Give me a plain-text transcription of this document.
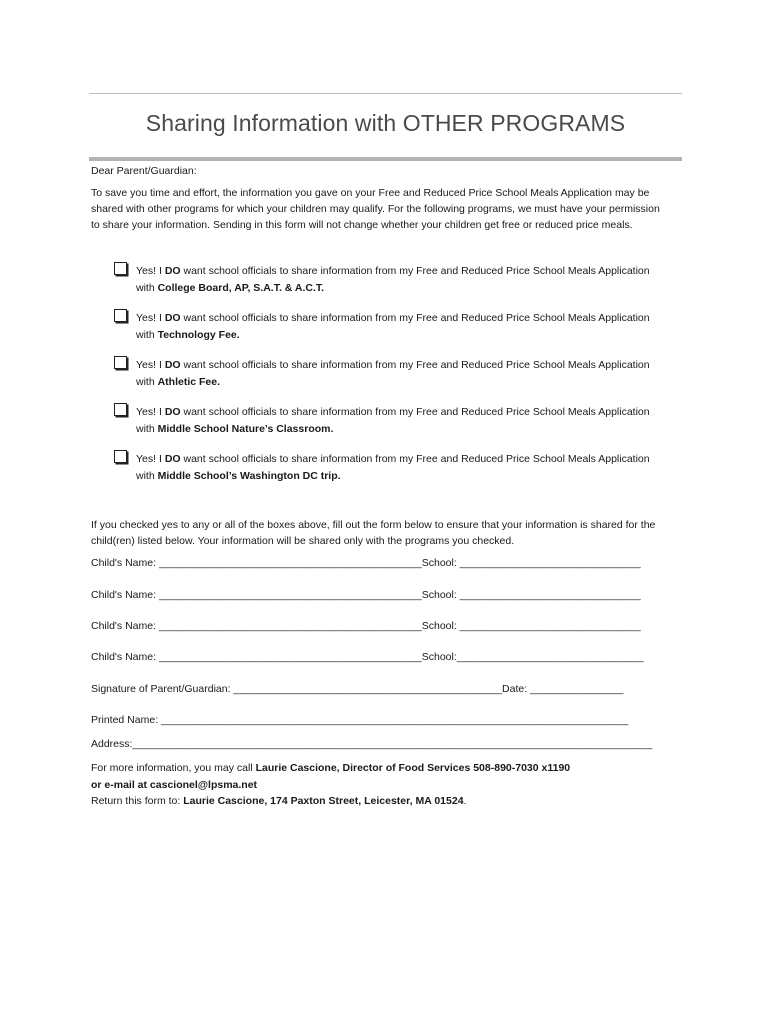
Sharing Information with OTHER PROGRAMS
Dear Parent/Guardian:
To save you time and effort, the information you gave on your Free and Reduced Price School Meals Application may be shared with other programs for which your children may qualify. For the following programs, we must have your permission to share your information. Sending in this form will not change whether your children get free or reduced price meals.
Yes! I DO want school officials to share information from my Free and Reduced Price School Meals Application with College Board, AP, S.A.T. & A.C.T.
Yes! I DO want school officials to share information from my Free and Reduced Price School Meals Application with Technology Fee.
Yes! I DO want school officials to share information from my Free and Reduced Price School Meals Application with Athletic Fee.
Yes! I DO want school officials to share information from my Free and Reduced Price School Meals Application with Middle School Nature’s Classroom.
Yes! I DO want school officials to share information from my Free and Reduced Price School Meals Application with Middle School’s Washington DC trip.
If you checked yes to any or all of the boxes above, fill out the form below to ensure that your information is shared for the child(ren) listed below. Your information will be shared only with the programs you checked.
Child's Name: _____________________________________________School: _______________________________
Child's Name: _____________________________________________School: _______________________________
Child's Name: _____________________________________________School: _______________________________
Child's Name: _____________________________________________School:________________________________
Signature of Parent/Guardian: ______________________________________________Date: ________________
Printed Name: ________________________________________________________________________________
Address:_________________________________________________________________________________________
For more information, you may call Laurie Cascione, Director of Food Services 508-890-7030 x1190
or e-mail at cascionel@lpsma.net
Return this form to: Laurie Cascione, 174 Paxton Street, Leicester, MA 01524.
